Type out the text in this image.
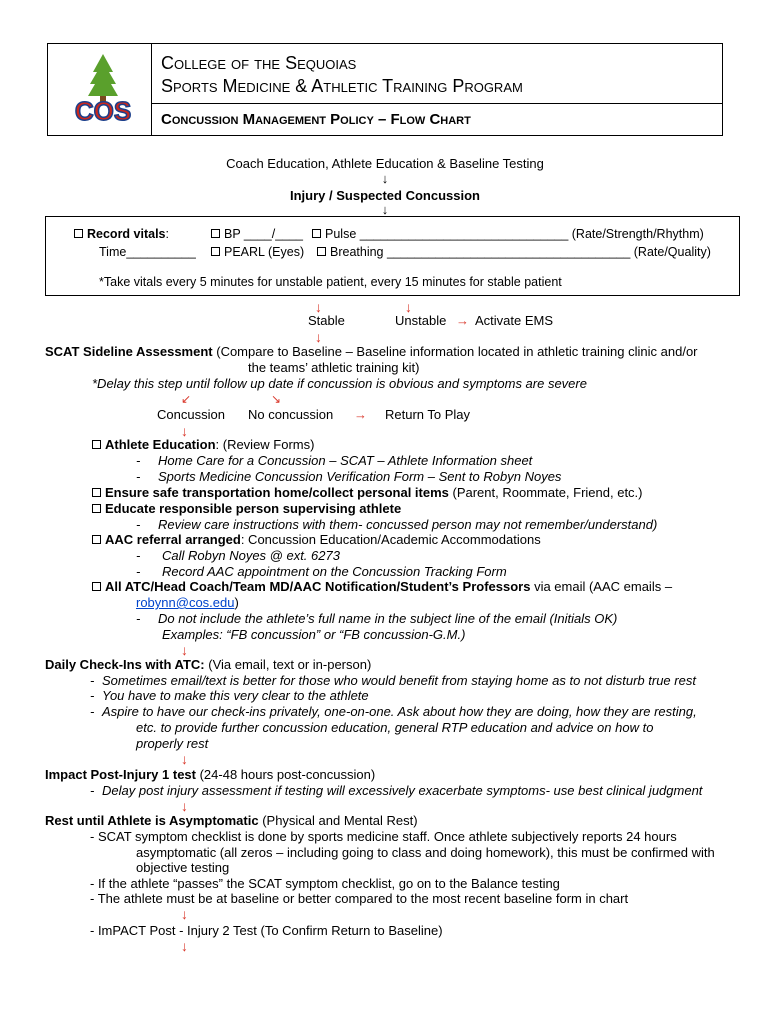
COS
College of the Sequoias
Sports Medicine & Athletic Training Program
Concussion Management Policy – Flow Chart
Coach Education, Athlete Education & Baseline Testing
↓
Injury / Suspected Concussion
↓
Record vitals:	BP ____/____	Pulse ______________________________ (Rate/Strength/Rhythm)
Time__________	PEARL (Eyes)	Breathing ___________________________________ (Rate/Quality)
*Take vitals every 5 minutes for unstable patient, every 15 minutes for stable patient
↓	↓
Stable	Unstable → Activate EMS
↓
SCAT Sideline Assessment (Compare to Baseline – Baseline information located in athletic training clinic and/or
the teams’ athletic training kit)
*Delay this step until follow up date if concussion is obvious and symptoms are severe
↙	↘
Concussion No concussion → Return To Play
↓
Athlete Education: (Review Forms)
- Home Care for a Concussion – SCAT – Athlete Information sheet
- Sports Medicine Concussion Verification Form – Sent to Robyn Noyes
Ensure safe transportation home/collect personal items (Parent, Roommate, Friend, etc.)
Educate responsible person supervising athlete
- Review care instructions with them- concussed person may not remember/understand)
AAC referral arranged: Concussion Education/Academic Accommodations
- Call Robyn Noyes @ ext. 6273
- Record AAC appointment on the Concussion Tracking Form
All ATC/Head Coach/Team MD/AAC Notification/Student’s Professors via email (AAC emails –
robynn@cos.edu)
- Do not include the athlete’s full name in the subject line of the email (Initials OK)
Examples: “FB concussion” or “FB concussion-G.M.)
↓
Daily Check-Ins with ATC: (Via email, text or in-person)
- Sometimes email/text is better for those who would benefit from staying home as to not disturb true rest
- You have to make this very clear to the athlete
- Aspire to have our check-ins privately, one-on-one. Ask about how they are doing, how they are resting,
etc. to provide further concussion education, general RTP education and advice on how to
properly rest
↓
Impact Post-Injury 1 test (24-48 hours post-concussion)
- Delay post injury assessment if testing will excessively exacerbate symptoms- use best clinical judgment
↓
Rest until Athlete is Asymptomatic (Physical and Mental Rest)
- SCAT symptom checklist is done by sports medicine staff. Once athlete subjectively reports 24 hours
asymptomatic (all zeros – including going to class and doing homework), this must be confirmed with
objective testing
- If the athlete “passes” the SCAT symptom checklist, go on to the Balance testing
- The athlete must be at baseline or better compared to the most recent baseline form in chart
↓
- ImPACT Post - Injury 2 Test (To Confirm Return to Baseline)
↓
